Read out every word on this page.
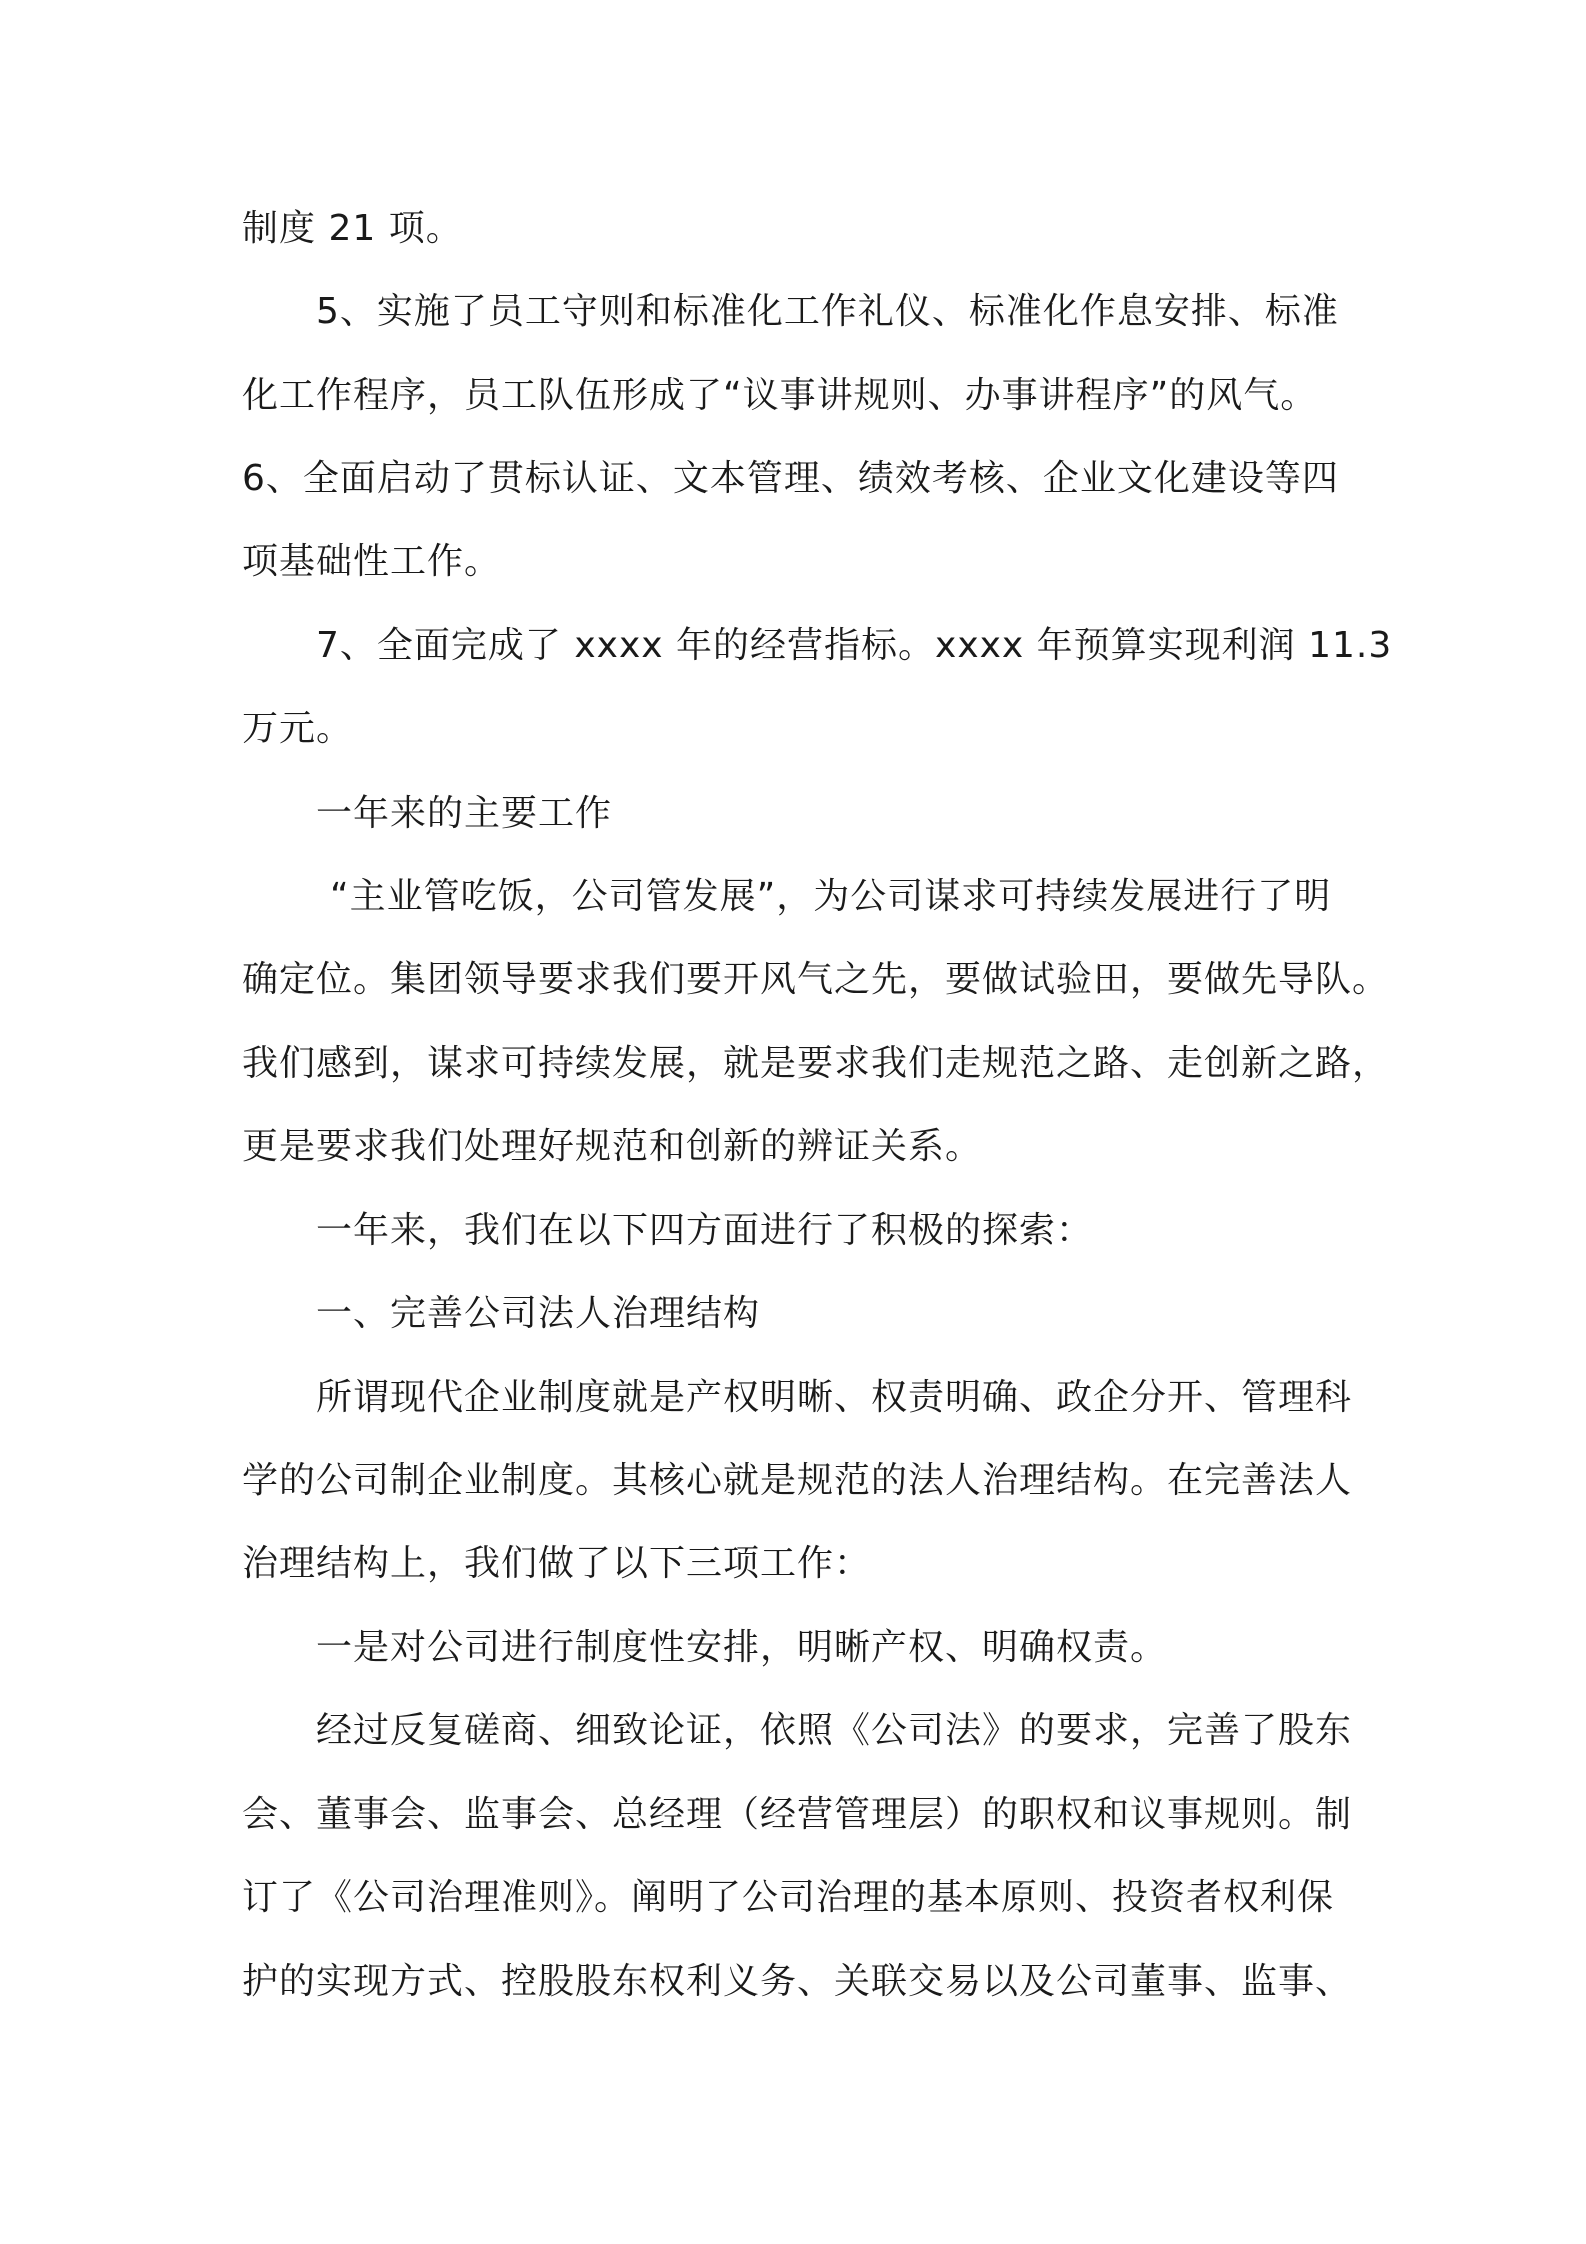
制度 21 项。
5、实施了员工守则和标准化工作礼仪、标准化作息安排、标准
化工作程序，员工队伍形成了“议事讲规则、办事讲程序”的风气。
6、全面启动了贯标认证、文本管理、绩效考核、企业文化建设等四
项基础性工作。
7、全面完成了 xxxx 年的经营指标。xxxx 年预算实现利润 11.3
万元。
一年来的主要工作
“主业管吃饭，公司管发展”，为公司谋求可持续发展进行了明
确定位。集团领导要求我们要开风气之先，要做试验田，要做先导队。
我们感到，谋求可持续发展，就是要求我们走规范之路、走创新之路，
更是要求我们处理好规范和创新的辨证关系。
一年来，我们在以下四方面进行了积极的探索：
一、完善公司法人治理结构
所谓现代企业制度就是产权明晰、权责明确、政企分开、管理科
学的公司制企业制度。其核心就是规范的法人治理结构。在完善法人
治理结构上，我们做了以下三项工作：
一是对公司进行制度性安排，明晰产权、明确权责。
经过反复磋商、细致论证，依照《公司法》的要求，完善了股东
会、董事会、监事会、总经理（经营管理层）的职权和议事规则。制
订了《公司治理准则》。阐明了公司治理的基本原则、投资者权利保
护的实现方式、控股股东权利义务、关联交易以及公司董事、监事、
